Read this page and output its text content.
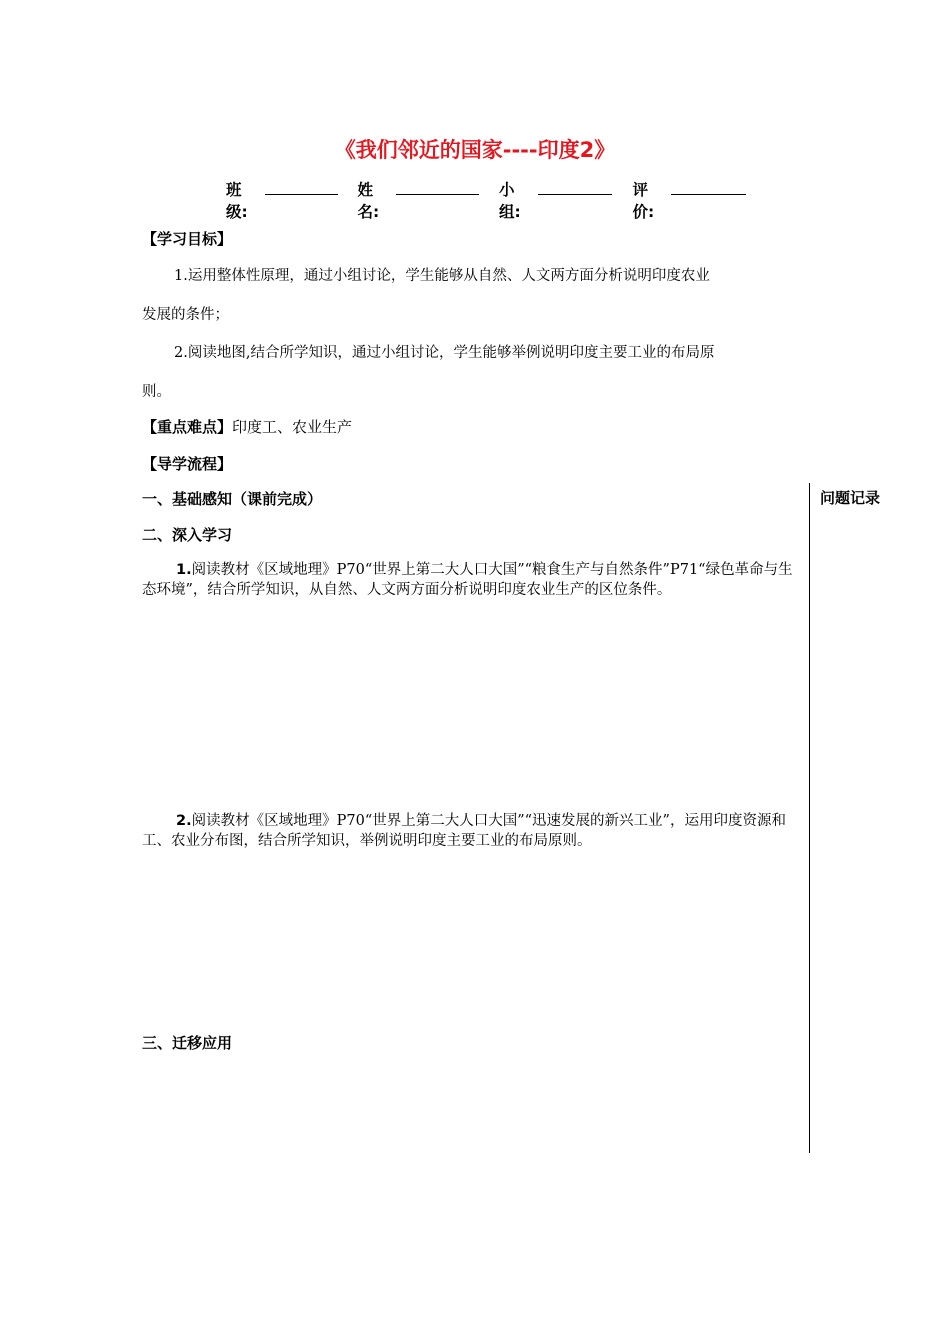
《我们邻近的国家----印度2》
班级:
姓名:
小组:
评价:
【学习目标】
1.运用整体性原理，通过小组讨论，学生能够从自然、人文两方面分析说明印度农业
发展的条件；
2.阅读地图,结合所学知识，通过小组讨论，学生能够举例说明印度主要工业的布局原
则。
【重点难点】印度工、农业生产
【导学流程】
一、基础感知（课前完成）
二、深入学习
1.阅读教材《区域地理》P70“世界上第二大人口大国”“粮食生产与自然条件”P71“绿色革命与生态环境”，结合所学知识，从自然、人文两方面分析说明印度农业生产的区位条件。
2.阅读教材《区域地理》P70“世界上第二大人口大国”“迅速发展的新兴工业”，运用印度资源和工、农业分布图，结合所学知识，举例说明印度主要工业的布局原则。
三、迁移应用
问题记录
